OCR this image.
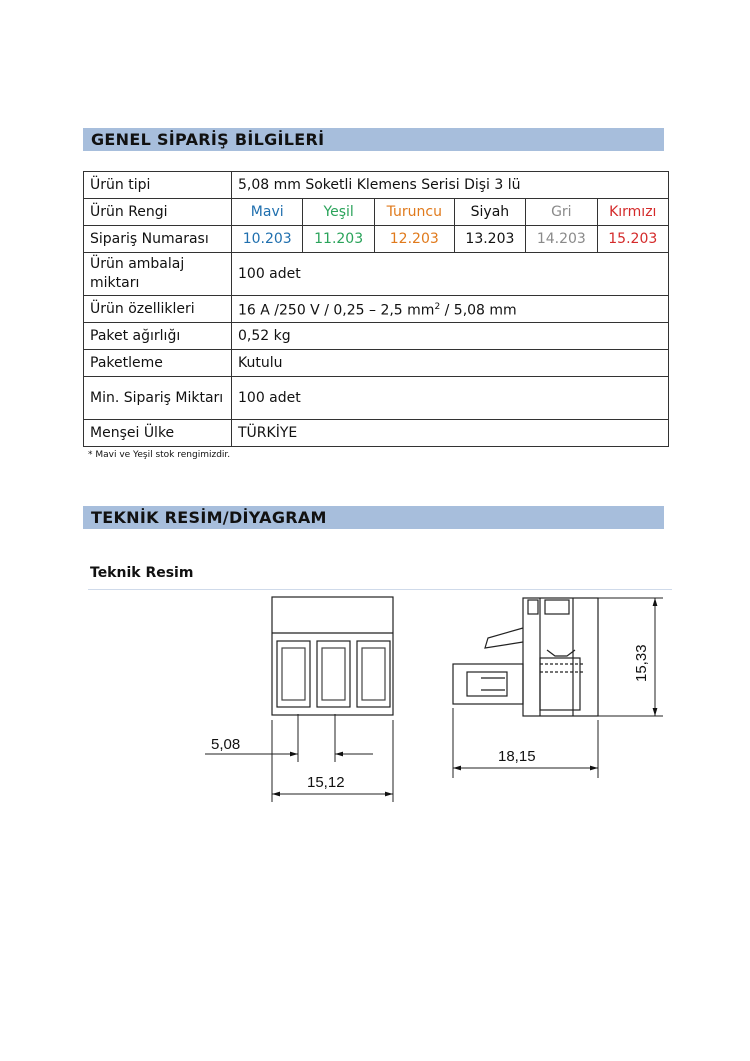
GENEL SİPARİŞ BİLGİLERİ
Ürün tipi	5,08 mm Soketli Klemens Serisi Dişi 3 lü					
Ürün Rengi	Mavi	Yeşil	Turuncu	Siyah	Gri	Kırmızı
Sipariş Numarası	10.203	11.203	12.203	13.203	14.203	15.203
Ürün ambalaj miktarı	100 adet					
Ürün özellikleri	16 A /250 V / 0,25 – 2,5 $mm^2 / 5,08$ mm					
Paket ağırlığı	0,52 kg					
Paketleme	Kutulu					
Min. Sipariş Miktarı	100 adet					
Menşei Ülke	TÜRKİYE					
* Mavi ve Yeşil stok rengimizdir.
TEKNİK RESİM/DİYAGRAM
Teknik Resim
5,08
15,12
18,15
15,33
